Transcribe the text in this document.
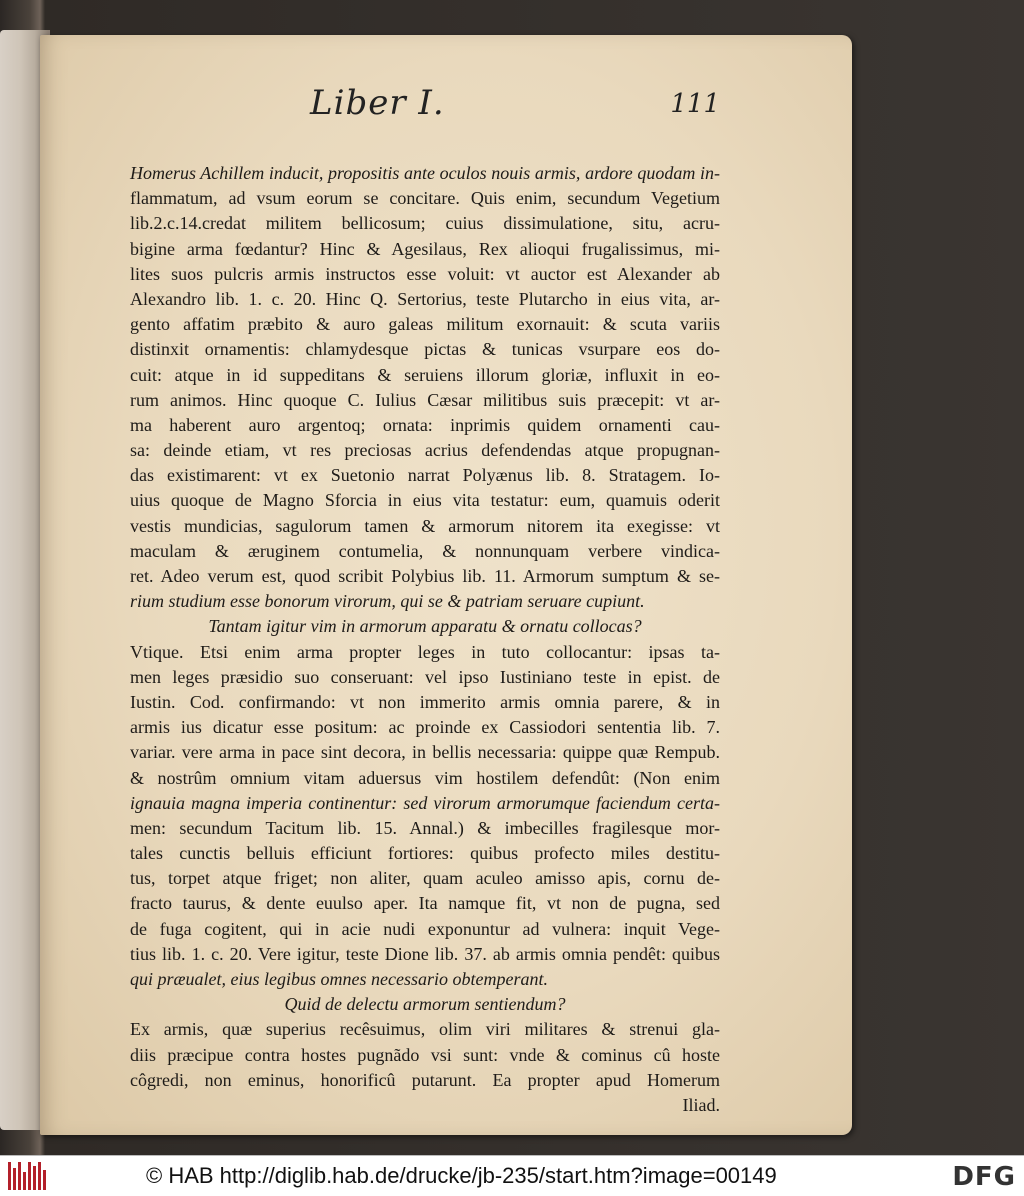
Liber I.	111
Homerus Achillem inducit, propositis ante oculos nouis armis, ardore quodam in-
flammatum, ad vsum eorum se concitare. Quis enim, secundum Vegetium
lib.2.c.14.credat militem bellicosum; cuius dissimulatione, situ, acru-
bigine arma fœdantur? Hinc & Agesilaus, Rex alioqui frugalissimus, mi-
lites suos pulcris armis instructos esse voluit: vt auctor est Alexander ab
Alexandro lib. 1. c. 20. Hinc Q. Sertorius, teste Plutarcho in eius vita, ar-
gento affatim præbito & auro galeas militum exornauit: & scuta variis
distinxit ornamentis: chlamydesque pictas & tunicas vsurpare eos do-
cuit: atque in id suppeditans & seruiens illorum gloriæ, influxit in eo-
rum animos. Hinc quoque C. Iulius Cæsar militibus suis præcepit: vt ar-
ma haberent auro argentoq; ornata: inprimis quidem ornamenti cau-
sa: deinde etiam, vt res preciosas acrius defendendas atque propugnan-
das existimarent: vt ex Suetonio narrat Polyænus lib. 8. Stratagem. Io-
uius quoque de Magno Sforcia in eius vita testatur: eum, quamuis oderit
vestis mundicias, sagulorum tamen & armorum nitorem ita exegisse: vt
maculam & æruginem contumelia, & nonnunquam verbere vindica-
ret. Adeo verum est, quod scribit Polybius lib. 11. Armorum sumptum & se-
rium studium esse bonorum virorum, qui se & patriam seruare cupiunt.
Tantam igitur vim in armorum apparatu & ornatu collocas?
Vtique. Etsi enim arma propter leges in tuto collocantur: ipsas ta-
men leges præsidio suo conseruant: vel ipso Iustiniano teste in epist. de
Iustin. Cod. confirmando: vt non immerito armis omnia parere, & in
armis ius dicatur esse positum: ac proinde ex Cassiodori sententia lib. 7.
variar. vere arma in pace sint decora, in bellis necessaria: quippe quæ Rempub.
& nostrûm omnium vitam aduersus vim hostilem defendût: (Non enim
ignauia magna imperia continentur: sed virorum armorumque faciendum certa-
men: secundum Tacitum lib. 15. Annal.) & imbecilles fragilesque mor-
tales cunctis belluis efficiunt fortiores: quibus profecto miles destitu-
tus, torpet atque friget; non aliter, quam aculeo amisso apis, cornu de-
fracto taurus, & dente euulso aper. Ita namque fit, vt non de pugna, sed
de fuga cogitent, qui in acie nudi exponuntur ad vulnera: inquit Vege-
tius lib. 1. c. 20. Vere igitur, teste Dione lib. 37. ab armis omnia pendêt: quibus
qui præualet, eius legibus omnes necessario obtemperant.
Quid de delectu armorum sentiendum?
Ex armis, quæ superius recêsuimus, olim viri militares & strenui gla-
diis præcipue contra hostes pugnãdo vsi sunt: vnde & cominus cû hoste
côgredi, non eminus, honorificû putarunt. Ea propter apud Homerum
Iliad.
© HAB http://diglib.hab.de/drucke/jb-235/start.htm?image=00149	DFG
